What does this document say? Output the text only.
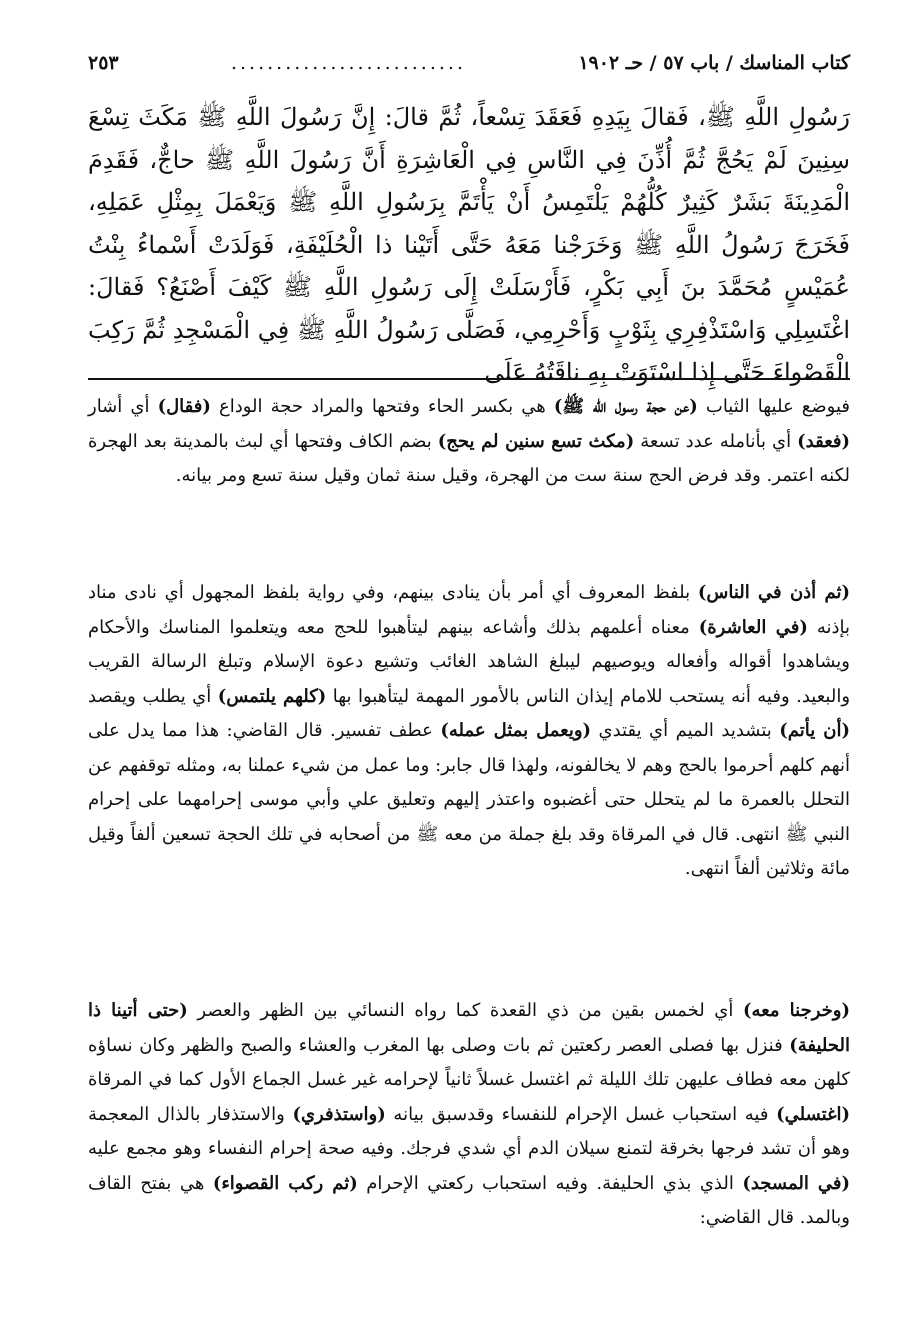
كتاب المناسك / باب ٥٧ / حـ ١٩٠٢
..........................
٢٥٣

رَسُولِ اللَّهِ ﷺ، فَقالَ بِيَدِهِ فَعَقَدَ تِسْعاً، ثُمَّ قالَ: إِنَّ رَسُولَ اللَّهِ ﷺ مَكَثَ تِسْعَ سِنِينَ لَمْ يَحُجَّ ثُمَّ أُذِّنَ فِي النَّاسِ فِي الْعَاشِرَةِ أَنَّ رَسُولَ اللَّهِ ﷺ حاجٌّ، فَقَدِمَ الْمَدِينَةَ بَشَرٌ كَثِيرٌ كُلُّهُمْ يَلْتَمِسُ أَنْ يَأْتَمَّ بِرَسُولِ اللَّهِ ﷺ وَيَعْمَلَ بِمِثْلِ عَمَلِهِ، فَخَرَجَ رَسُولُ اللَّهِ ﷺ وَخَرَجْنا مَعَهُ حَتَّى أَتَيْنا ذا الْحُلَيْفَةِ، فَوَلَدَتْ أَسْماءُ بِنْتُ عُمَيْسٍ مُحَمَّدَ بنَ أَبِي بَكْرٍ، فَأَرْسَلَتْ إِلَى رَسُولِ اللَّهِ ﷺ كَيْفَ أَصْنَعُ؟ فَقالَ: اغْتَسِلِي وَاسْتَذْفِرِي بِثَوْبٍ وَأَحْرِمِي، فَصَلَّى رَسُولُ اللَّهِ ﷺ فِي الْمَسْجِدِ ثُمَّ رَكِبَ الْقَصْواءَ حَتَّى إِذا اسْتَوَتْ بِهِ ناقَتُهُ عَلَى

فيوضع عليها الثياب (عن حجة رسول الله ﷺ) هي بكسر الحاء وفتحها والمراد حجة الوداع (فقال) أي أشار (فعقد) أي بأنامله عدد تسعة (مكث تسع سنين لم يحج) بضم الكاف وفتحها أي لبث بالمدينة بعد الهجرة لكنه اعتمر. وقد فرض الحج سنة ست من الهجرة، وقيل سنة ثمان وقيل سنة تسع ومر بيانه.

(ثم أذن في الناس) بلفظ المعروف أي أمر بأن ينادى بينهم، وفي رواية بلفظ المجهول أي نادى مناد بإذنه (في العاشرة) معناه أعلمهم بذلك وأشاعه بينهم ليتأهبوا للحج معه ويتعلموا المناسك والأحكام ويشاهدوا أقواله وأفعاله ويوصيهم ليبلغ الشاهد الغائب وتشيع دعوة الإسلام وتبلغ الرسالة القريب والبعيد. وفيه أنه يستحب للامام إيذان الناس بالأمور المهمة ليتأهبوا بها (كلهم يلتمس) أي يطلب ويقصد (أن يأتم) بتشديد الميم أي يقتدي (ويعمل بمثل عمله) عطف تفسير. قال القاضي: هذا مما يدل على أنهم كلهم أحرموا بالحج وهم لا يخالفونه، ولهذا قال جابر: وما عمل من شيء عملنا به، ومثله توقفهم عن التحلل بالعمرة ما لم يتحلل حتى أغضبوه واعتذر إليهم وتعليق علي وأبي موسى إحرامهما على إحرام النبي ﷺ انتهى. قال في المرقاة وقد بلغ جملة من معه ﷺ من أصحابه في تلك الحجة تسعين ألفاً وقيل مائة وثلاثين ألفاً انتهى.

(وخرجنا معه) أي لخمس بقين من ذي القعدة كما رواه النسائي بين الظهر والعصر (حتى أتينا ذا الحليفة) فنزل بها فصلى العصر ركعتين ثم بات وصلى بها المغرب والعشاء والصبح والظهر وكان نساؤه كلهن معه فطاف عليهن تلك الليلة ثم اغتسل غسلاً ثانياً لإحرامه غير غسل الجماع الأول كما في المرقاة (اغتسلي) فيه استحباب غسل الإحرام للنفساء وقدسبق بيانه (واستذفري) والاستذفار بالذال المعجمة وهو أن تشد فرجها بخرقة لتمنع سيلان الدم أي شدي فرجك. وفيه صحة إحرام النفساء وهو مجمع عليه (في المسجد) الذي بذي الحليفة. وفيه استحباب ركعتي الإحرام (ثم ركب القصواء) هي بفتح القاف وبالمد. قال القاضي:
